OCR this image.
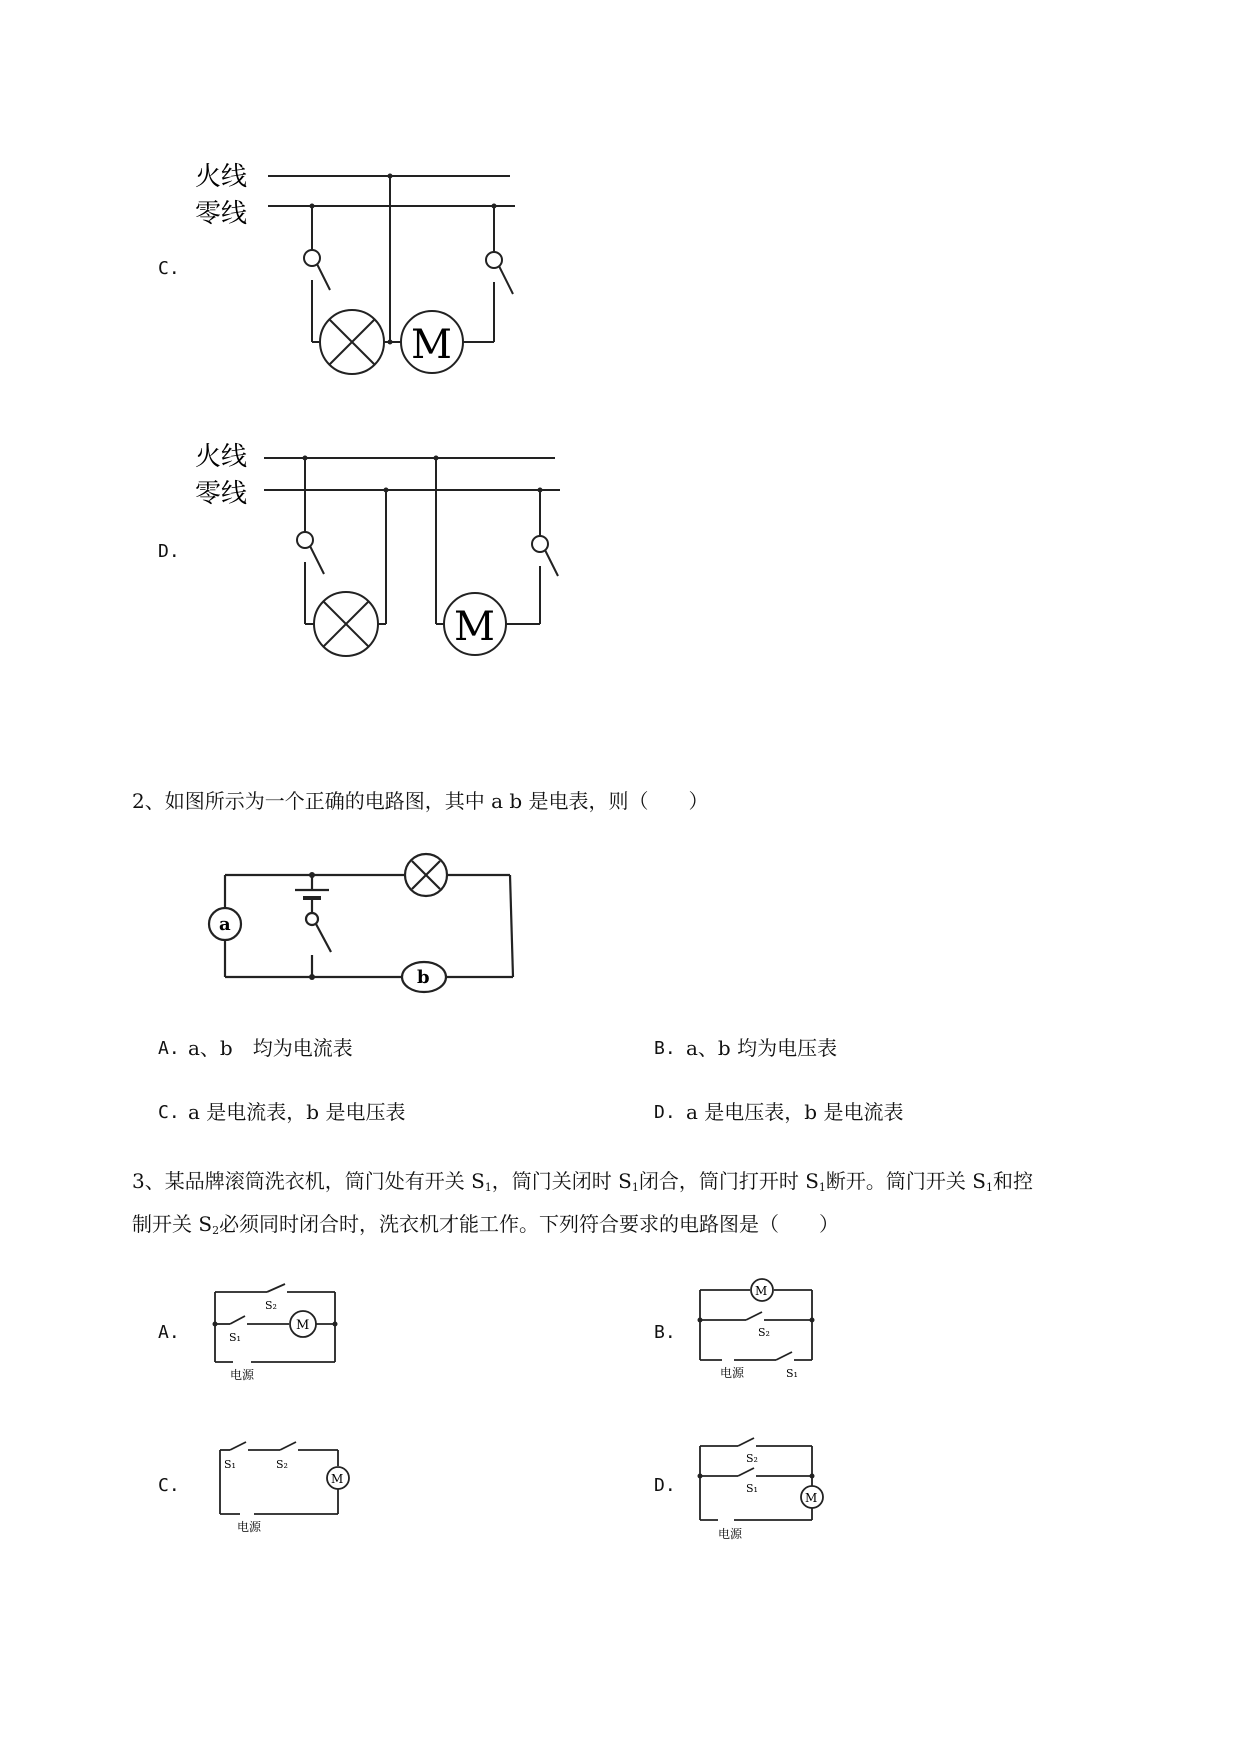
C.
火线
零线
M
D.
火线
零线
M
2、如图所示为一个正确的电路图，其中 a b 是电表，则（　　）
a
b
A. a、b　均为电流表	B. a、b 均为电压表
C. a 是电流表，b 是电压表	D. a 是电压表，b 是电流表
3、某品牌滚筒洗衣机，筒门处有开关 $S_1$，筒门关闭时 $S_1$闭合，筒门打开时 $S_1$断开。筒门开关 $S_1$和控
制开关 $S_2$必须同时闭合时，洗衣机才能工作。下列符合要求的电路图是（　　）
A.
S₂
S₁
M
电源
B.
M
S₂
电源	S₁
C.
S₁	S₂
M
电源
D.
S₂
S₁
M
电源
